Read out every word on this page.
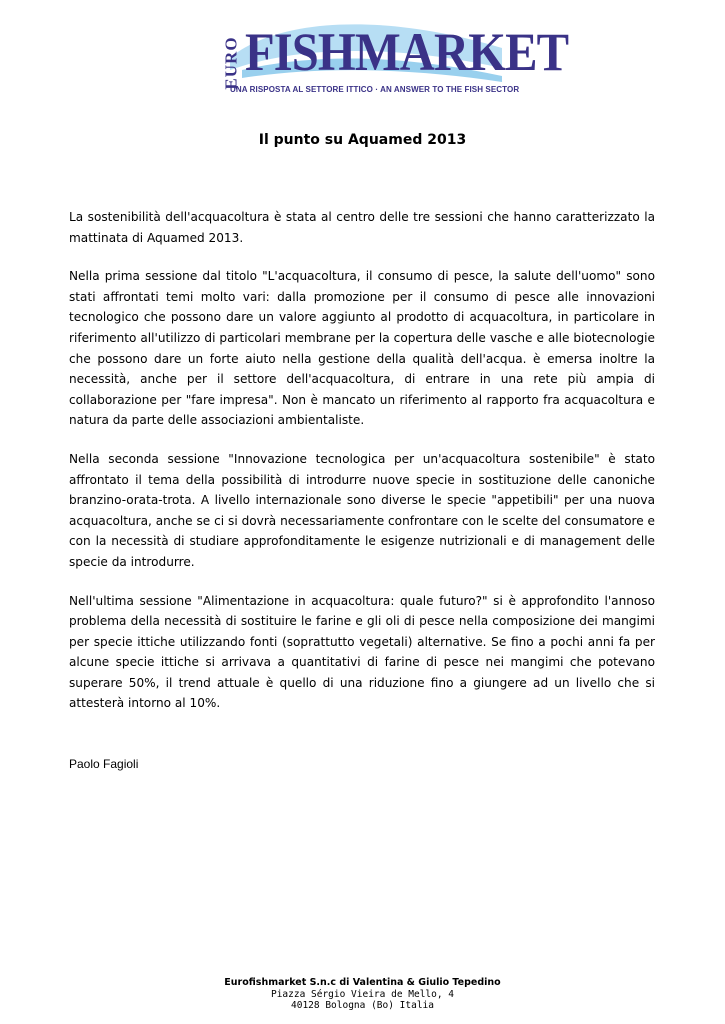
EURO FISHMARKET
UNA RISPOSTA AL SETTORE ITTICO · AN ANSWER TO THE FISH SECTOR
Il punto su Aquamed 2013

La sostenibilità dell'acquacoltura è stata al centro delle tre sessioni che hanno caratterizzato la mattinata di Aquamed 2013.

Nella prima sessione dal titolo "L'acquacoltura, il consumo di pesce, la salute dell'uomo" sono stati affrontati temi molto vari: dalla promozione per il consumo di pesce alle innovazioni tecnologico che possono dare un valore aggiunto al prodotto di acquacoltura, in particolare in riferimento all'utilizzo di particolari membrane per la copertura delle vasche e alle biotecnologie che possono dare un forte aiuto nella gestione della qualità dell'acqua. è emersa inoltre la necessità, anche per il settore dell'acquacoltura, di entrare in una rete più ampia di collaborazione per "fare impresa". Non è mancato un riferimento al rapporto fra acquacoltura e natura da parte delle associazioni ambientaliste.

Nella seconda sessione "Innovazione tecnologica per un'acquacoltura sostenibile" è stato affrontato il tema della possibilità di introdurre nuove specie in sostituzione delle canoniche branzino-orata-trota. A livello internazionale sono diverse le specie "appetibili" per una nuova acquacoltura, anche se ci si dovrà necessariamente confrontare con le scelte del consumatore e con la necessità di studiare approfonditamente le esigenze nutrizionali e di management delle specie da introdurre.

Nell'ultima sessione "Alimentazione in acquacoltura: quale futuro?" si è approfondito l'annoso problema della necessità di sostituire le farine e gli oli di pesce nella composizione dei mangimi per specie ittiche utilizzando fonti (soprattutto vegetali) alternative. Se fino a pochi anni fa per alcune specie ittiche si arrivava a quantitativi di farine di pesce nei mangimi che potevano superare 50%, il trend attuale è quello di una riduzione fino a giungere ad un livello che si attesterà intorno al 10%.

Paolo Fagioli
Eurofishmarket S.n.c di Valentina & Giulio Tepedino
Piazza Sérgio Vieira de Mello, 4
40128 Bologna (Bo) Italia
